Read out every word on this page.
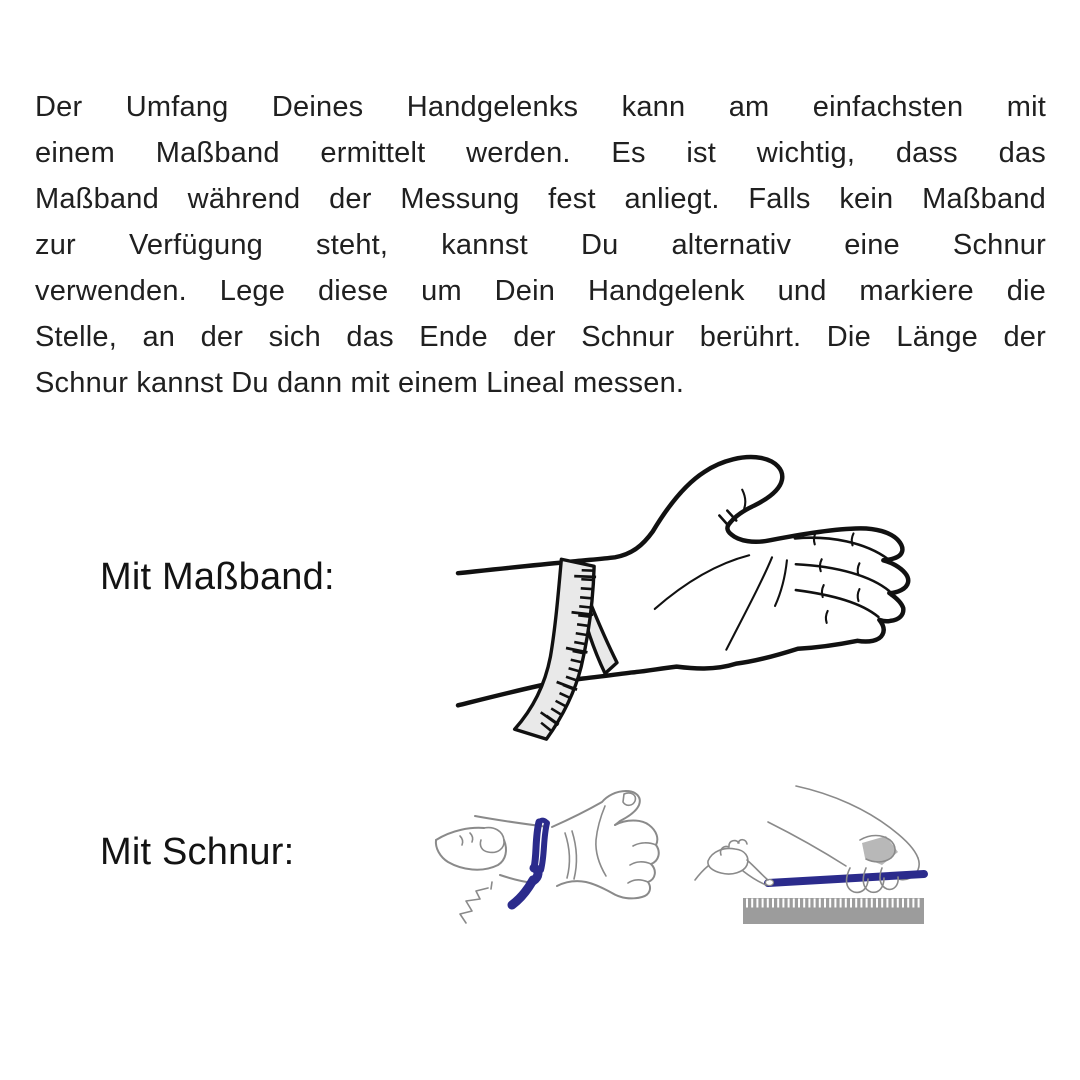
Der Umfang Deines Handgelenks kann am einfachsten mit
einem Maßband ermittelt werden. Es ist wichtig, dass das
Maßband während der Messung fest anliegt. Falls kein Maßband
zur Verfügung steht, kannst Du alternativ eine Schnur
verwenden. Lege diese um Dein Handgelenk und markiere die
Stelle, an der sich das Ende der Schnur berührt. Die Länge der
Schnur kannst Du dann mit einem Lineal messen.
Mit Maßband:
Mit Schnur:
